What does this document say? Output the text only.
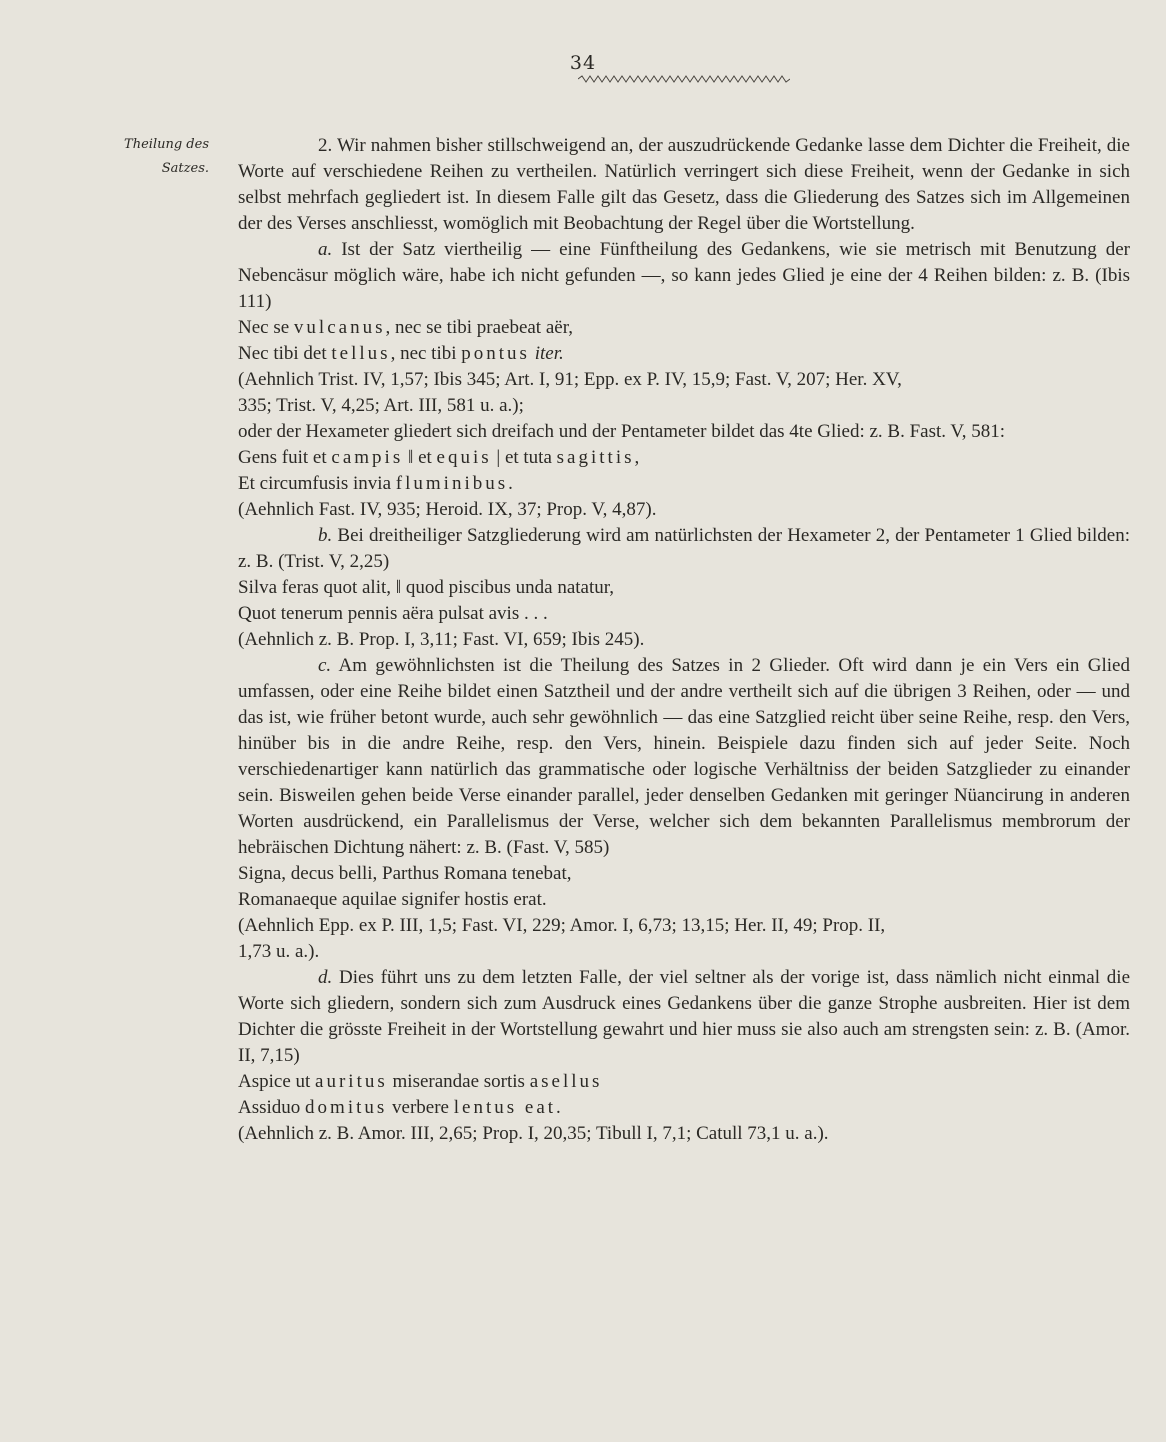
34
Theilung des
Satzes.

2. Wir nahmen bisher stillschweigend an, der auszudrückende Gedanke lasse dem Dichter die Freiheit, die Worte auf verschiedene Reihen zu vertheilen. Natürlich verringert sich diese Freiheit, wenn der Gedanke in sich selbst mehrfach gegliedert ist. In diesem Falle gilt das Gesetz, dass die Gliederung des Satzes sich im Allgemeinen der des Verses anschliesst, womöglich mit Beobachtung der Regel über die Wortstellung.

a. Ist der Satz viertheilig — eine Fünftheilung des Gedankens, wie sie metrisch mit Benutzung der Nebencäsur möglich wäre, habe ich nicht gefunden —, so kann jedes Glied je eine der 4 Reihen bilden: z. B. (Ibis 111)

Nec se vulcanus, nec se tibi praebeat aër,

Nec tibi det tellus, nec tibi pontus iter.

(Aehnlich Trist. IV, 1,57; Ibis 345; Art. I, 91; Epp. ex P. IV, 15,9; Fast. V, 207; Her. XV,

335; Trist. V, 4,25; Art. III, 581 u. a.);

oder der Hexameter gliedert sich dreifach und der Pentameter bildet das 4te Glied: z. B. Fast. V, 581:

Gens fuit et campis ‖ et equis | et tuta sagittis,

Et circumfusis invia fluminibus.

(Aehnlich Fast. IV, 935; Heroid. IX, 37; Prop. V, 4,87).

b. Bei dreitheiliger Satzgliederung wird am natürlichsten der Hexameter 2, der Pentameter 1 Glied bilden: z. B. (Trist. V, 2,25)

Silva feras quot alit, ‖ quod piscibus unda natatur,

Quot tenerum pennis aëra pulsat avis . . .

(Aehnlich z. B. Prop. I, 3,11; Fast. VI, 659; Ibis 245).

c. Am gewöhnlichsten ist die Theilung des Satzes in 2 Glieder. Oft wird dann je ein Vers ein Glied umfassen, oder eine Reihe bildet einen Satztheil und der andre vertheilt sich auf die übrigen 3 Reihen, oder — und das ist, wie früher betont wurde, auch sehr gewöhnlich — das eine Satzglied reicht über seine Reihe, resp. den Vers, hinüber bis in die andre Reihe, resp. den Vers, hinein. Beispiele dazu finden sich auf jeder Seite. Noch verschiedenartiger kann natürlich das grammatische oder logische Verhältniss der beiden Satzglieder zu einander sein. Bisweilen gehen beide Verse einander parallel, jeder denselben Gedanken mit geringer Nüancirung in anderen Worten ausdrückend, ein Parallelismus der Verse, welcher sich dem bekannten Parallelismus membrorum der hebräischen Dichtung nähert: z. B. (Fast. V, 585)

Signa, decus belli, Parthus Romana tenebat,

Romanaeque aquilae signifer hostis erat.

(Aehnlich Epp. ex P. III, 1,5; Fast. VI, 229; Amor. I, 6,73; 13,15; Her. II, 49; Prop. II,

1,73 u. a.).

d. Dies führt uns zu dem letzten Falle, der viel seltner als der vorige ist, dass nämlich nicht einmal die Worte sich gliedern, sondern sich zum Ausdruck eines Gedankens über die ganze Strophe ausbreiten. Hier ist dem Dichter die grösste Freiheit in der Wortstellung gewahrt und hier muss sie also auch am strengsten sein: z. B. (Amor. II, 7,15)

Aspice ut auritus miserandae sortis asellus

Assiduo domitus verbere lentus eat.

(Aehnlich z. B. Amor. III, 2,65; Prop. I, 20,35; Tibull I, 7,1; Catull 73,1 u. a.).
